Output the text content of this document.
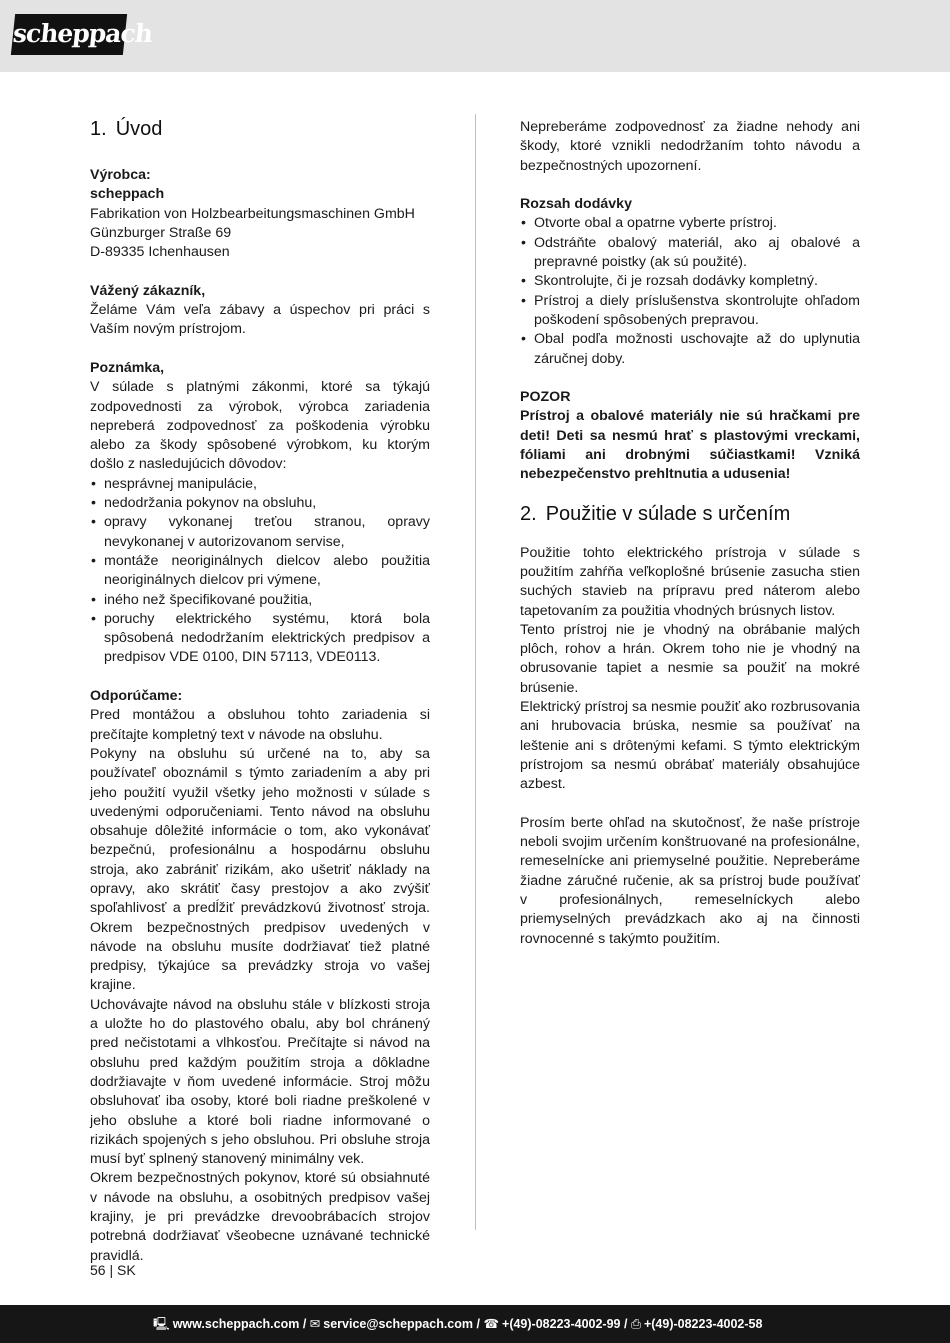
scheppach
1. Úvod

Výrobca:

scheppach

Fabrikation von Holzbearbeitungsmaschinen GmbH

Günzburger Straße 69

D-89335 Ichenhausen

Vážený zákazník,

Želáme Vám veľa zábavy a úspechov pri práci s Vaším novým prístrojom.

Poznámka,

V súlade s platnými zákonmi, ktoré sa týkajú zodpovednosti za výrobok, výrobca zariadenia nepreberá zodpovednosť za poškodenia výrobku alebo za škody spôsobené výrobkom, ku ktorým došlo z nasledujúcich dôvodov:

• nesprávnej manipulácie,
• nedodržania pokynov na obsluhu,
• opravy vykonanej treťou stranou, opravy nevykonanej v autorizovanom servise,
• montáže neoriginálnych dielcov alebo použitia neoriginálnych dielcov pri výmene,
• iného než špecifikované použitia,
• poruchy elektrického systému, ktorá bola spôsobená nedodržaním elektrických predpisov a predpisov VDE 0100, DIN 57113, VDE0113.

Odporúčame:

Pred montážou a obsluhou tohto zariadenia si prečítajte kompletný text v návode na obsluhu.

Pokyny na obsluhu sú určené na to, aby sa používateľ oboznámil s týmto zariadením a aby pri jeho použití využil všetky jeho možnosti v súlade s uvedenými odporučeniami. Tento návod na obsluhu obsahuje dôležité informácie o tom, ako vykonávať bezpečnú, profesionálnu a hospodárnu obsluhu stroja, ako zabrániť rizikám, ako ušetriť náklady na opravy, ako skrátiť časy prestojov a ako zvýšiť spoľahlivosť a predĺžiť prevádzkovú životnosť stroja. Okrem bezpečnostných predpisov uvedených v návode na obsluhu musíte dodržiavať tiež platné predpisy, týkajúce sa prevádzky stroja vo vašej krajine.

Uchovávajte návod na obsluhu stále v blízkosti stroja a uložte ho do plastového obalu, aby bol chránený pred nečistotami a vlhkosťou. Prečítajte si návod na obsluhu pred každým použitím stroja a dôkladne dodržiavajte v ňom uvedené informácie. Stroj môžu obsluhovať iba osoby, ktoré boli riadne preškolené v jeho obsluhe a ktoré boli riadne informované o rizikách spojených s jeho obsluhou. Pri obsluhe stroja musí byť splnený stanovený minimálny vek.

Okrem bezpečnostných pokynov, ktoré sú obsiahnuté v návode na obsluhu, a osobitných predpisov vašej krajiny, je pri prevádzke drevoobrábacích strojov potrebná dodržiavať všeobecne uznávané technické pravidlá.

Nepreberáme zodpovednosť za žiadne nehody ani škody, ktoré vznikli nedodržaním tohto návodu a bezpečnostných upozornení.

Rozsah dodávky

• Otvorte obal a opatrne vyberte prístroj.
• Odstráňte obalový materiál, ako aj obalové a prepravné poistky (ak sú použité).
• Skontrolujte, či je rozsah dodávky kompletný.
• Prístroj a diely príslušenstva skontrolujte ohľadom poškodení spôsobených prepravou.
• Obal podľa možnosti uschovajte až do uplynutia záručnej doby.

POZOR

Prístroj a obalové materiály nie sú hračkami pre deti! Deti sa nesmú hrať s plastovými vreckami, fóliami ani drobnými súčiastkami! Vzniká nebezpečenstvo prehltnutia a udusenia!

2. Použitie v súlade s určením

Použitie tohto elektrického prístroja v súlade s použitím zahŕňa veľkoplošné brúsenie zasucha stien suchých stavieb na prípravu pred náterom alebo tapetovaním za použitia vhodných brúsnych listov.

Tento prístroj nie je vhodný na obrábanie malých plôch, rohov a hrán. Okrem toho nie je vhodný na obrusovanie tapiet a nesmie sa použiť na mokré brúsenie.

Elektrický prístroj sa nesmie použiť ako rozbrusovania ani hrubovacia brúska, nesmie sa používať na leštenie ani s drôtenými kefami. S týmto elektrickým prístrojom sa nesmú obrábať materiály obsahujúce azbest.

Prosím berte ohľad na skutočnosť, že naše prístroje neboli svojim určením konštruované na profesionálne, remeselnícke ani priemyselné použitie. Nepreberáme žiadne záručné ručenie, ak sa prístroj bude používať v profesionálnych, remeselníckych alebo priemyselných prevádzkach ako aj na činnosti rovnocenné s takýmto použitím.

56 | SK
🖳 www.scheppach.com / ✉ service@scheppach.com / ☎ +(49)-08223-4002-99 / ⎙ +(49)-08223-4002-58
